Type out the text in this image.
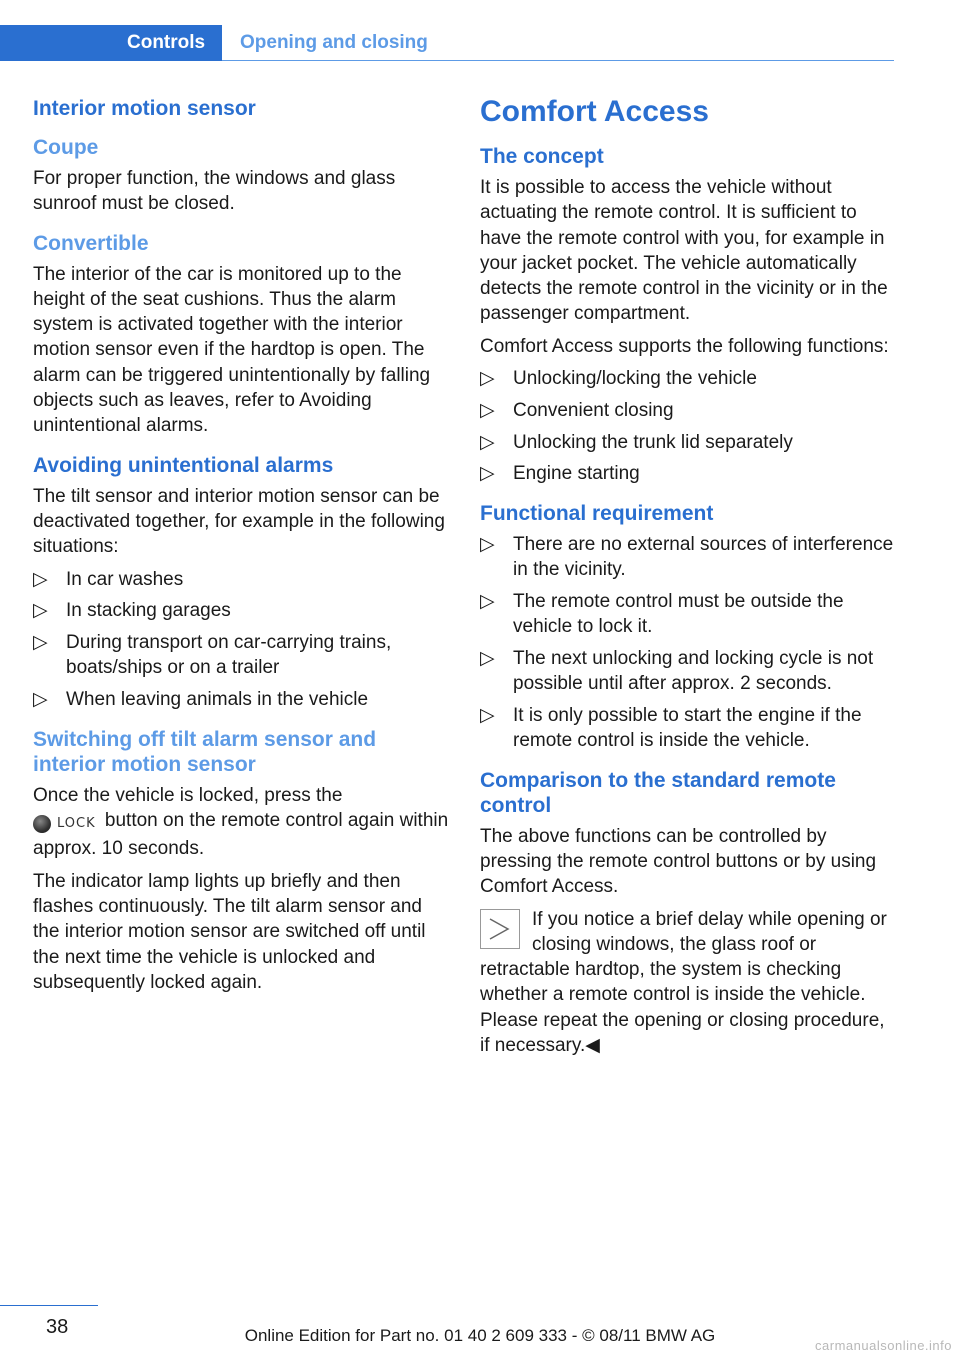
Controls	Opening and closing
Interior motion sensor
Coupe

For proper function, the windows and glass sunroof must be closed.

Convertible

The interior of the car is monitored up to the height of the seat cushions. Thus the alarm system is activated together with the interior motion sensor even if the hardtop is open. The alarm can be triggered unintentionally by falling objects such as leaves, refer to Avoiding unintentional alarms.

Avoiding unintentional alarms

The tilt sensor and interior motion sensor can be deactivated together, for example in the following situations:

▷ In car washes
▷ In stacking garages
▷ During transport on car-carrying trains, boats/ships or on a trailer
▷ When leaving animals in the vehicle
Switching off tilt alarm sensor and interior motion sensor

Once the vehicle is locked, press the
LOCK button on the remote control again within approx. 10 seconds.

The indicator lamp lights up briefly and then flashes continuously. The tilt alarm sensor and the interior motion sensor are switched off until the next time the vehicle is unlocked and subsequently locked again.

Comfort Access
The concept

It is possible to access the vehicle without actuating the remote control. It is sufficient to have the remote control with you, for example in your jacket pocket. The vehicle automatically detects the remote control in the vicinity or in the passenger compartment.

Comfort Access supports the following functions:

▷ Unlocking/locking the vehicle
▷ Convenient closing
▷ Unlocking the trunk lid separately
▷ Engine starting
Functional requirement
▷ There are no external sources of interference in the vicinity.
▷ The remote control must be outside the vehicle to lock it.
▷ The next unlocking and locking cycle is not possible until after approx. 2 seconds.
▷ It is only possible to start the engine if the remote control is inside the vehicle.
Comparison to the standard remote control

The above functions can be controlled by pressing the remote control buttons or by using Comfort Access.

If you notice a brief delay while opening or closing windows, the glass roof or retractable hardtop, the system is checking whether a remote control is inside the vehicle. Please repeat the opening or closing procedure, if necessary.◀

38	Online Edition for Part no. 01 40 2 609 333 - © 08/11 BMW AG
carmanualsonline.info
